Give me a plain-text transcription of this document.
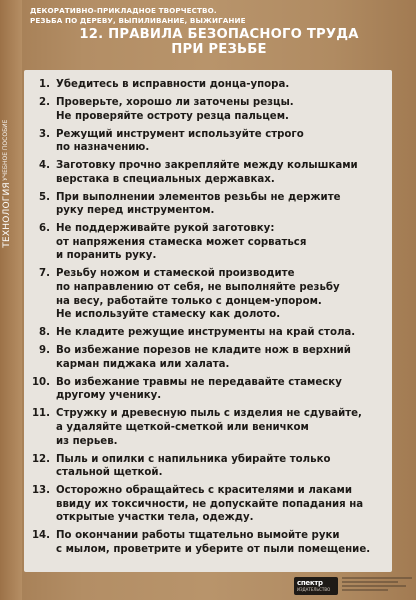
ТЕХНОЛОГИЯ
УЧЕБНОЕ ПОСОБИЕ
ДЕКОРАТИВНО-ПРИКЛАДНОЕ ТВОРЧЕСТВО.
РЕЗЬБА ПО ДЕРЕВУ, ВЫПИЛИВАНИЕ, ВЫЖИГАНИЕ
12. ПРАВИЛА БЕЗОПАСНОГО ТРУДА
ПРИ РЕЗЬБЕ
1. Убедитесь в исправности донца-упора.
2. Проверьте, хорошо ли заточены резцы.
Не проверяйте остроту резца пальцем.
3. Режущий инструмент используйте строго
по назначению.
4. Заготовку прочно закрепляйте между колышками
верстака в специальных державках.
5. При выполнении элементов резьбы не держите
руку перед инструментом.
6. Не поддерживайте рукой заготовку:
от напряжения стамеска может сорваться
и поранить руку.
7. Резьбу ножом и стамеской производите
по направлению от себя, не выполняйте резьбу
на весу, работайте только с донцем-упором.
Не используйте стамеску как долото.
8. Не кладите режущие инструменты на край стола.
9. Во избежание порезов не кладите нож в верхний
карман пиджака или халата.
10. Во избежание травмы не передавайте стамеску
другому ученику.
11. Стружку и древесную пыль с изделия не сдувайте,
а удаляйте щеткой-сметкой или веничком
из перьев.
12. Пыль и опилки с напильника убирайте только
стальной щеткой.
13. Осторожно обращайтесь с красителями и лаками
ввиду их токсичности, не допускайте попадания на
открытые участки тела, одежду.
14. По окончании работы тщательно вымойте руки
с мылом, проветрите и уберите от пыли помещение.
спектр
ИЗДАТЕЛЬСТВО
